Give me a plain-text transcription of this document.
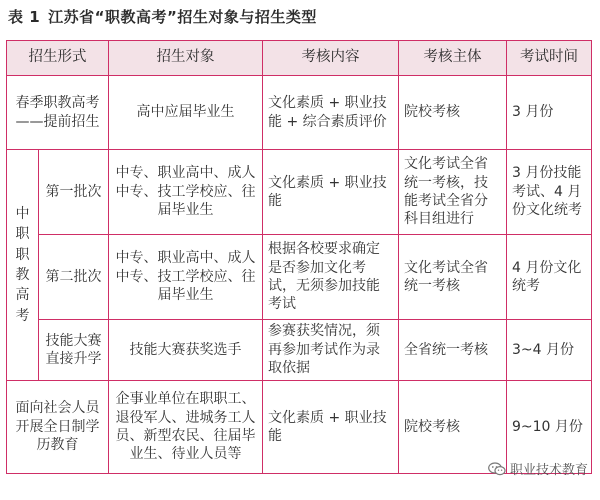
表 1 江苏省“职教高考”招生对象与招生类型
招生形式		招生对象	考核内容	考核主体	考试时间
春季职教高考——提前招生		高中应届毕业生	文化素质 + 职业技能 + 综合素质评价	院校考核	3 月份
中职职教高考	第一批次	中专、职业高中、成人中专、技工学校应、往届毕业生	文化素质 + 职业技能	文化考试全省统一考核，技能考试全省分科目组进行	3 月份技能考试、4 月份文化统考
	第二批次	中专、职业高中、成人中专、技工学校应、往届毕业生	根据各校要求确定是否参加文化考试，无须参加技能考试	文化考试全省统一考核	4 月份文化统考
	技能大赛直接升学	技能大赛获奖选手	参赛获奖情况，须再参加考试作为录取依据	全省统一考核	3~4 月份
面向社会人员开展全日制学历教育		企事业单位在职职工、退役军人、进城务工人员、新型农民、往届毕业生、待业人员等	文化素质 + 职业技能	院校考核	9~10 月份
职业技术教育
